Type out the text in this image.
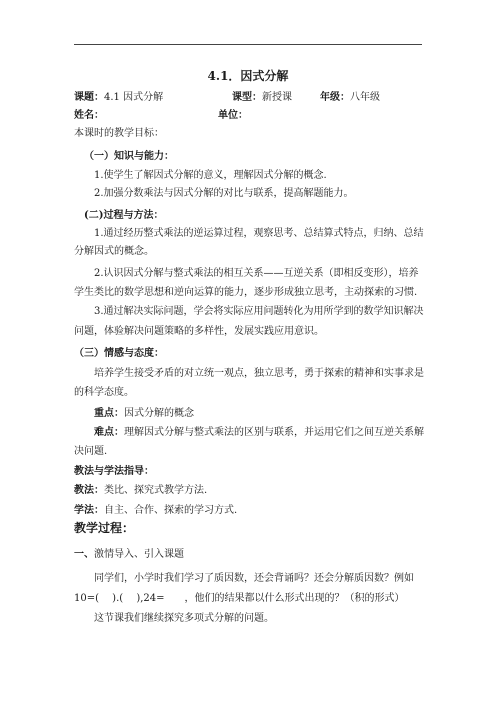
4.1．因式分解
课题：4.1 因式分解	课型：新授课	年级：八年级
姓名：	单位：
本课时的教学目标：
（一）知识与能力：
1.使学生了解因式分解的意义，理解因式分解的概念.
2.加强分数乘法与因式分解的对比与联系，提高解题能力。
(二)过程与方法：
1.通过经历整式乘法的逆运算过程，观察思考、总结算式特点，归纳、总结
分解因式的概念。
2.认识因式分解与整式乘法的相互关系——互逆关系（即相反变形），培养
学生类比的数学思想和逆向运算的能力，逐步形成独立思考，主动探索的习惯.
3.通过解决实际问题，学会将实际应用问题转化为用所学到的数学知识解决
问题，体验解决问题策略的多样性，发展实践应用意识。
（三）情感与态度：
培养学生接受矛盾的对立统一观点，独立思考，勇于探索的精神和实事求是
的科学态度。
重点：因式分解的概念
难点：理解因式分解与整式乘法的区别与联系，并运用它们之间互逆关系解
决问题.
教法与学法指导：
教法：类比、探究式教学方法.
学法：自主、合作、探索的学习方式.
教学过程：
一、激情导入、引入课题
同学们，小学时我们学习了质因数，还会背诵吗？还会分解质因数？例如
10=(　 ).(　 ),24=　　，他们的结果都以什么形式出现的？（积的形式）
这节课我们继续探究多项式分解的问题。
